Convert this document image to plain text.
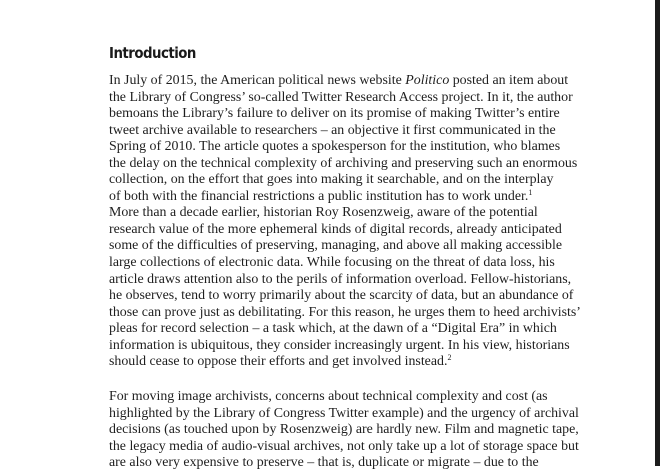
Introduction
In July of 2015, the American political news website Politico posted an item about
the Library of Congress’ so-called Twitter Research Access project. In it, the author
bemoans the Library’s failure to deliver on its promise of making Twitter’s entire
tweet archive available to researchers – an objective it first communicated in the
Spring of 2010. The article quotes a spokesperson for the institution, who blames
the delay on the technical complexity of archiving and preserving such an enormous
collection, on the effort that goes into making it searchable, and on the interplay
of both with the financial restrictions a public institution has to work under.$^1$
More than a decade earlier, historian Roy Rosenzweig, aware of the potential
research value of the more ephemeral kinds of digital records, already anticipated
some of the difficulties of preserving, managing, and above all making accessible
large collections of electronic data. While focusing on the threat of data loss, his
article draws attention also to the perils of information overload. Fellow-historians,
he observes, tend to worry primarily about the scarcity of data, but an abundance of
those can prove just as debilitating. For this reason, he urges them to heed archivists’
pleas for record selection – a task which, at the dawn of a “Digital Era” in which
information is ubiquitous, they consider increasingly urgent. In his view, historians
should cease to oppose their efforts and get involved instead.$^2$
For moving image archivists, concerns about technical complexity and cost (as
highlighted by the Library of Congress Twitter example) and the urgency of archival
decisions (as touched upon by Rosenzweig) are hardly new. Film and magnetic tape,
the legacy media of audio-visual archives, not only take up a lot of storage space but
are also very expensive to preserve – that is, duplicate or migrate – due to the
